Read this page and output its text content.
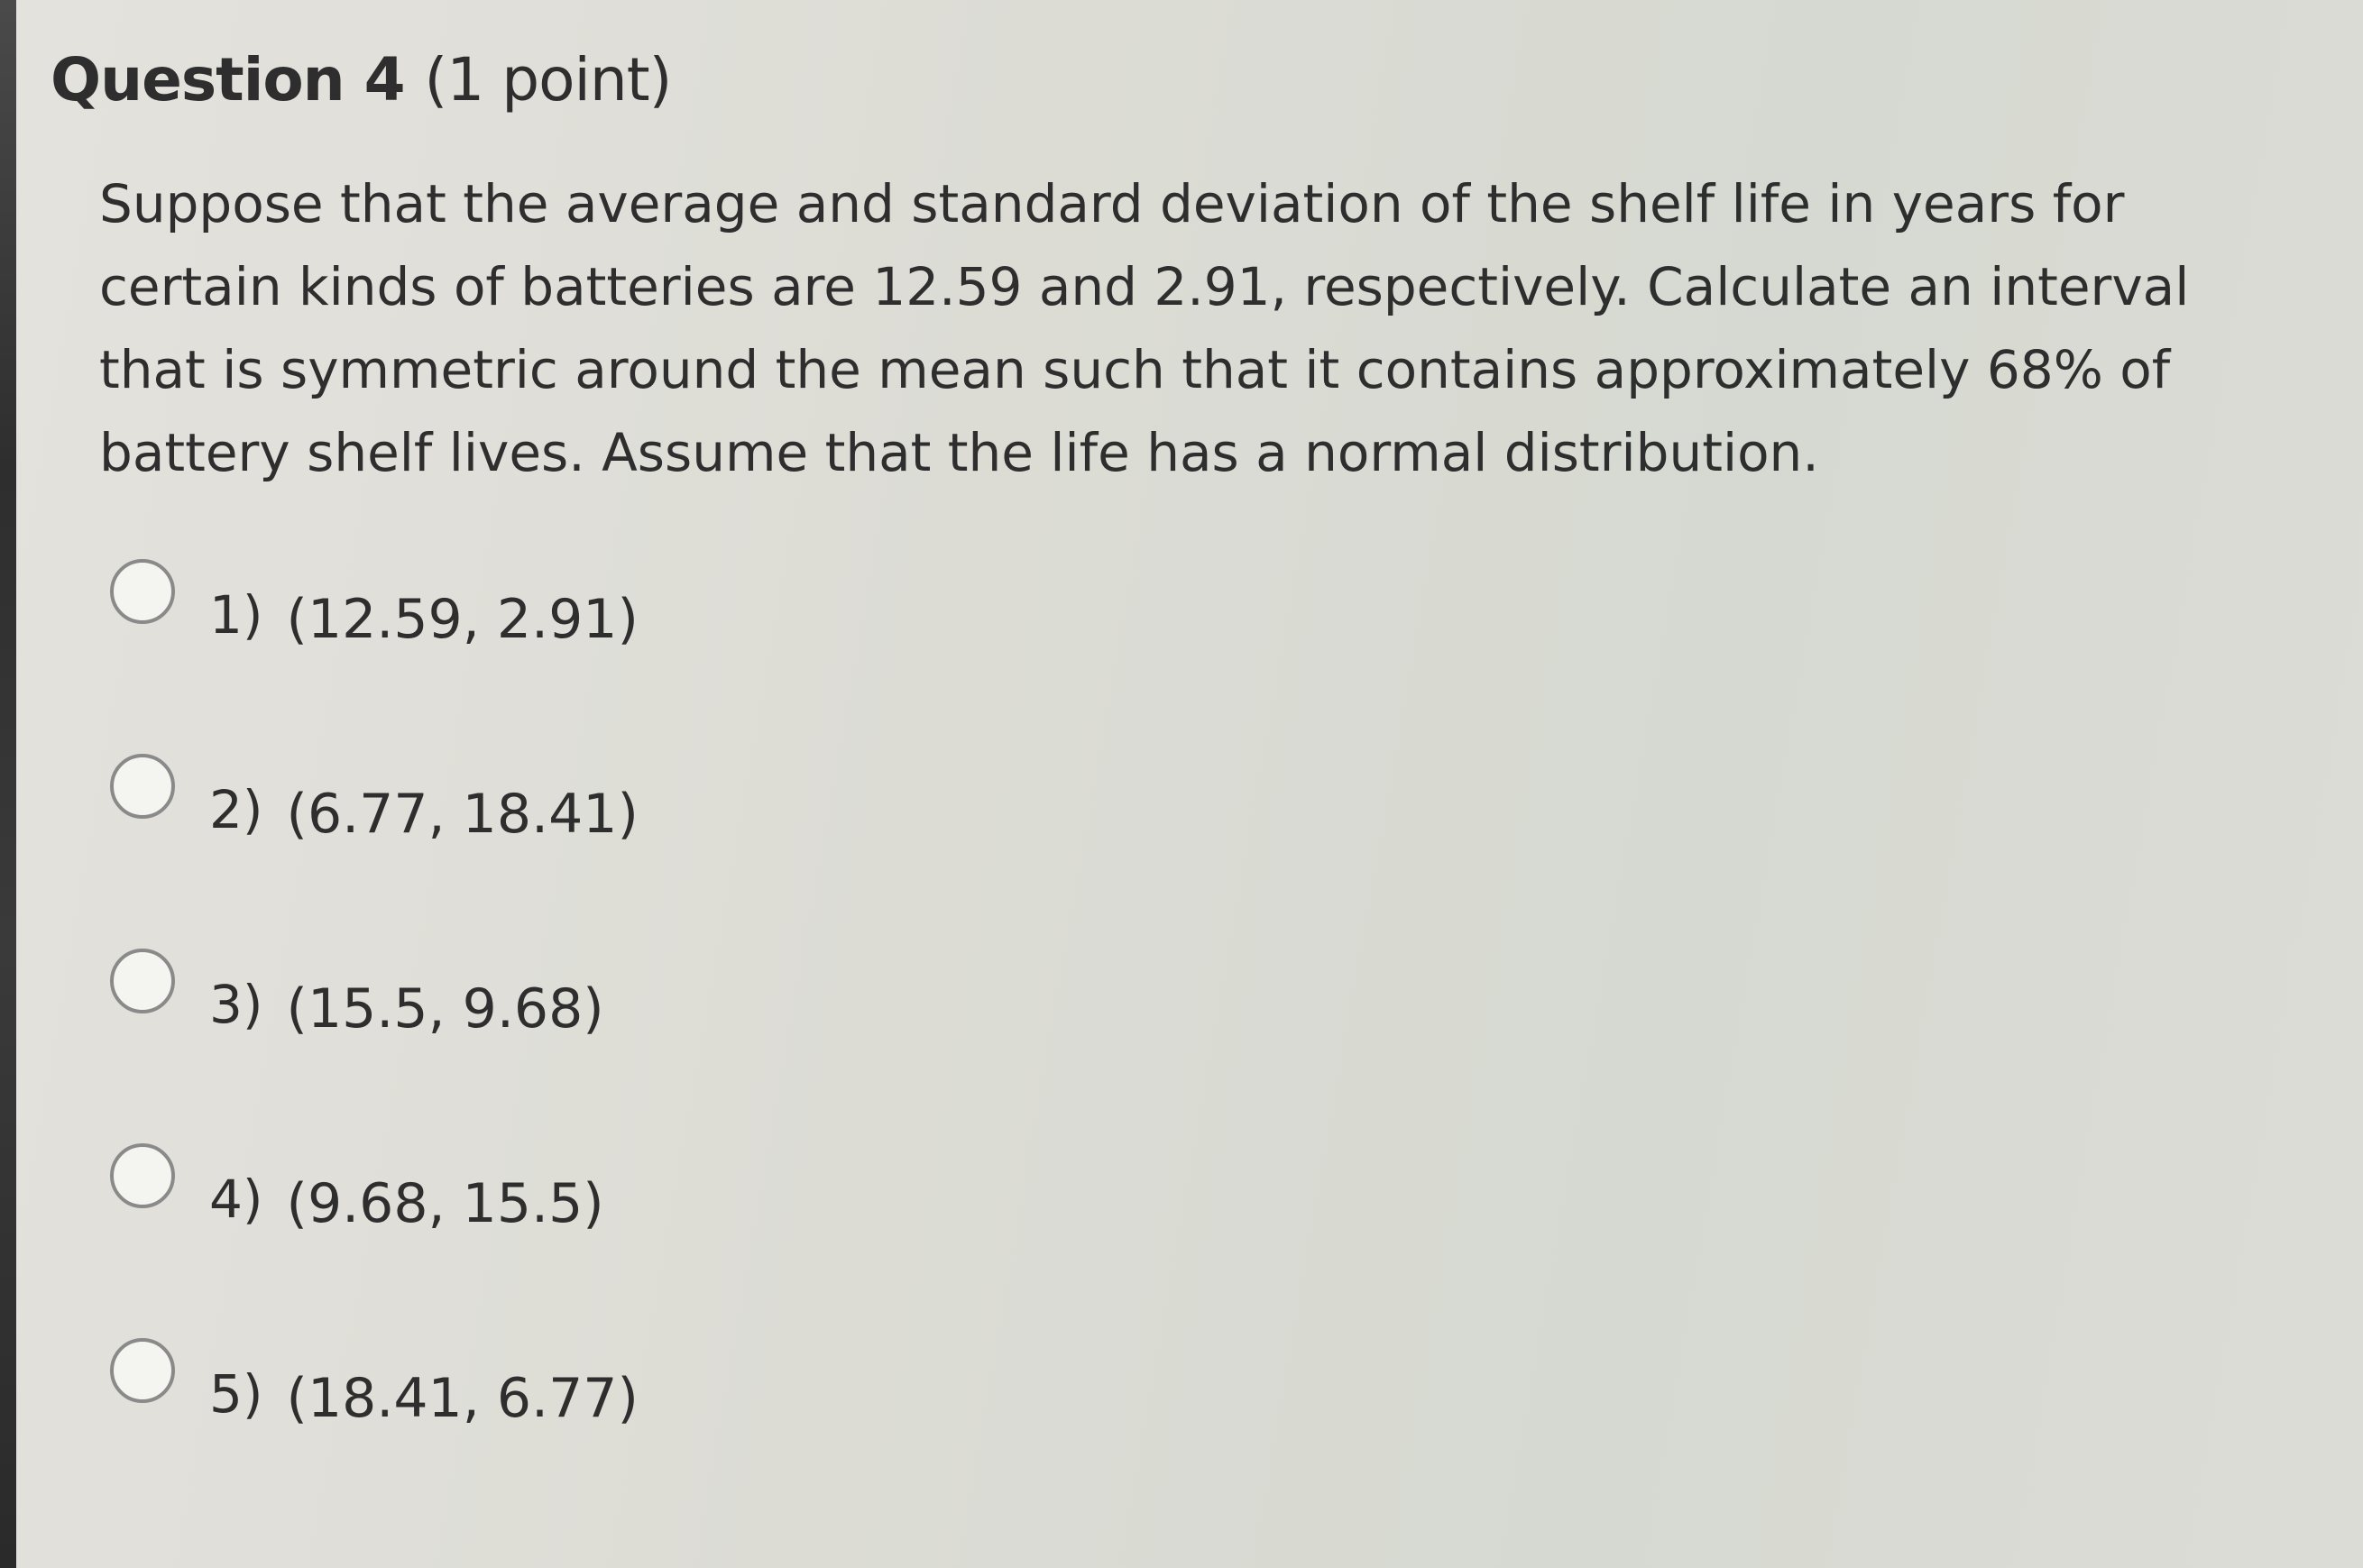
Question 4 (1 point)
Suppose that the average and standard deviation of the shelf life in years for certain kinds of batteries are 12.59 and 2.91, respectively. Calculate an interval that is symmetric around the mean such that it contains approximately 68% of battery shelf lives. Assume that the life has a normal distribution.
1) (12.59, 2.91)
2) (6.77, 18.41)
3) (15.5, 9.68)
4) (9.68, 15.5)
5) (18.41, 6.77)
